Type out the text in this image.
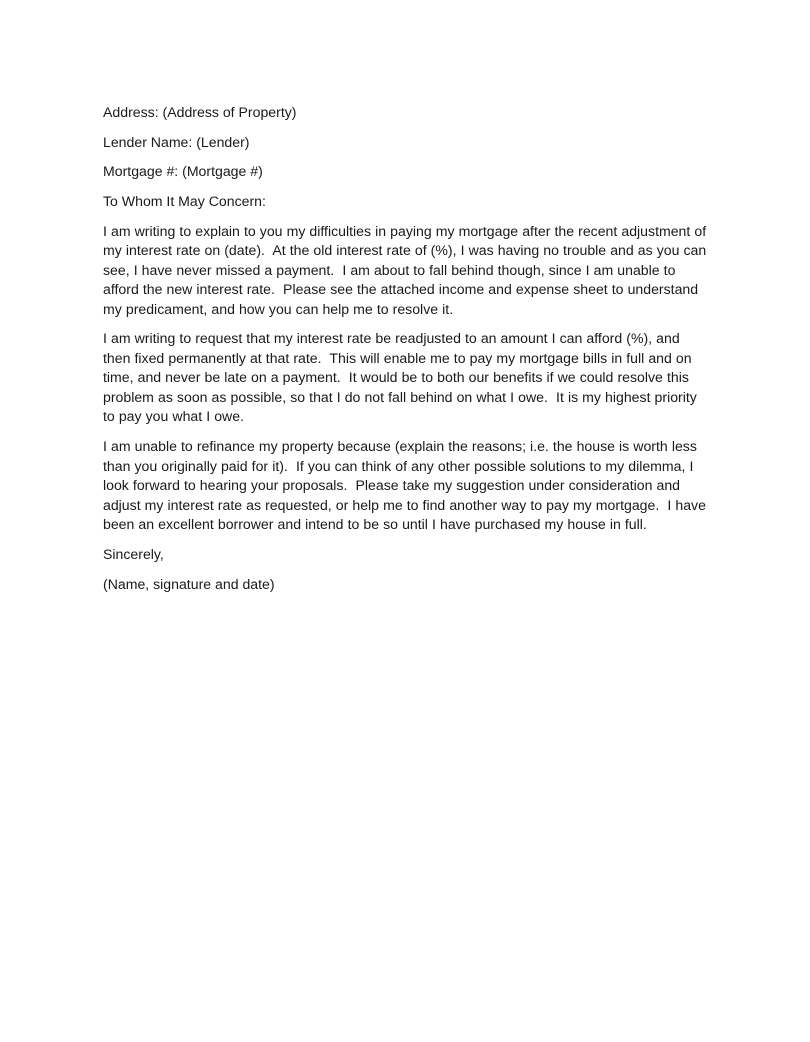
Address: (Address of Property)

Lender Name: (Lender)

Mortgage #: (Mortgage #)

To Whom It May Concern:

I am writing to explain to you my difficulties in paying my mortgage after the recent adjustment of my interest rate on (date).  At the old interest rate of (%), I was having no trouble and as you can see, I have never missed a payment.  I am about to fall behind though, since I am unable to afford the new interest rate.  Please see the attached income and expense sheet to understand my predicament, and how you can help me to resolve it.

I am writing to request that my interest rate be readjusted to an amount I can afford (%), and then fixed permanently at that rate.  This will enable me to pay my mortgage bills in full and on time, and never be late on a payment.  It would be to both our benefits if we could resolve this problem as soon as possible, so that I do not fall behind on what I owe.  It is my highest priority to pay you what I owe.

I am unable to refinance my property because (explain the reasons; i.e. the house is worth less than you originally paid for it).  If you can think of any other possible solutions to my dilemma, I look forward to hearing your proposals.  Please take my suggestion under consideration and adjust my interest rate as requested, or help me to find another way to pay my mortgage.  I have been an excellent borrower and intend to be so until I have purchased my house in full.

Sincerely,

(Name, signature and date)
